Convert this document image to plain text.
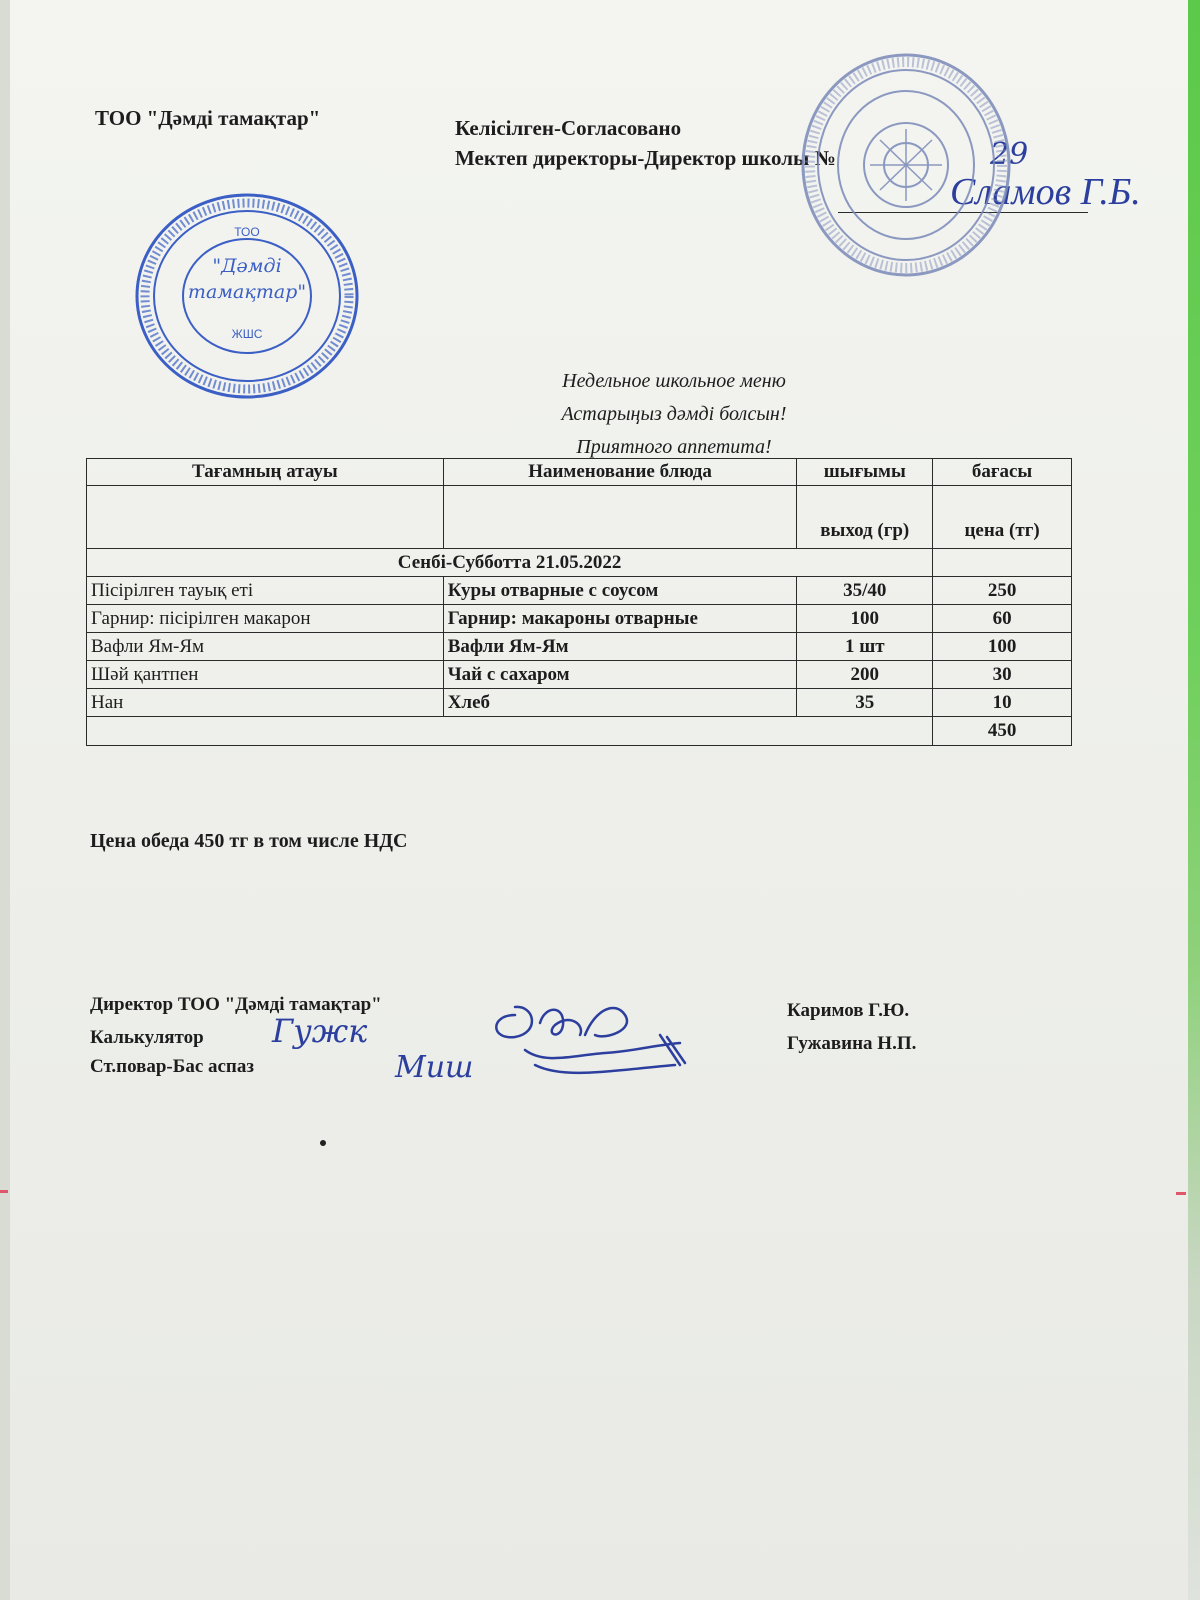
ТОО "Дәмді тамақтар"	Келісілген-Согласовано
Мектеп директоры-Директор школы №	29
Сламов Г.Б.
ТОО
"Дәмді
тамақтар"
ЖШС
Недельное школьное меню
Астарыңыз дәмді болсын!
Приятного аппетита!
Тағамның атауы	Наименование блюда	шығымы	бағасы
		выход (гр)	цена (тг)
Сенбі-Субботта 21.05.2022			
Пісірілген тауық еті	Куры отварные с соусом	35/40	250
Гарнир: пісірілген макарон	Гарнир: макароны отварные	100	60
Вафли Ям-Ям	Вафли Ям-Ям	1 шт	100
Шәй қантпен	Чай с сахаром	200	30
Нан	Хлеб	35	10
			450
Цена обеда 450 тг в том числе НДС
Директор ТОО "Дәмді тамақтар"
Калькулятор
Ст.повар-Бас аспаз
Каримов Г.Ю.
Гужавина Н.П.
Гужк
Миш
